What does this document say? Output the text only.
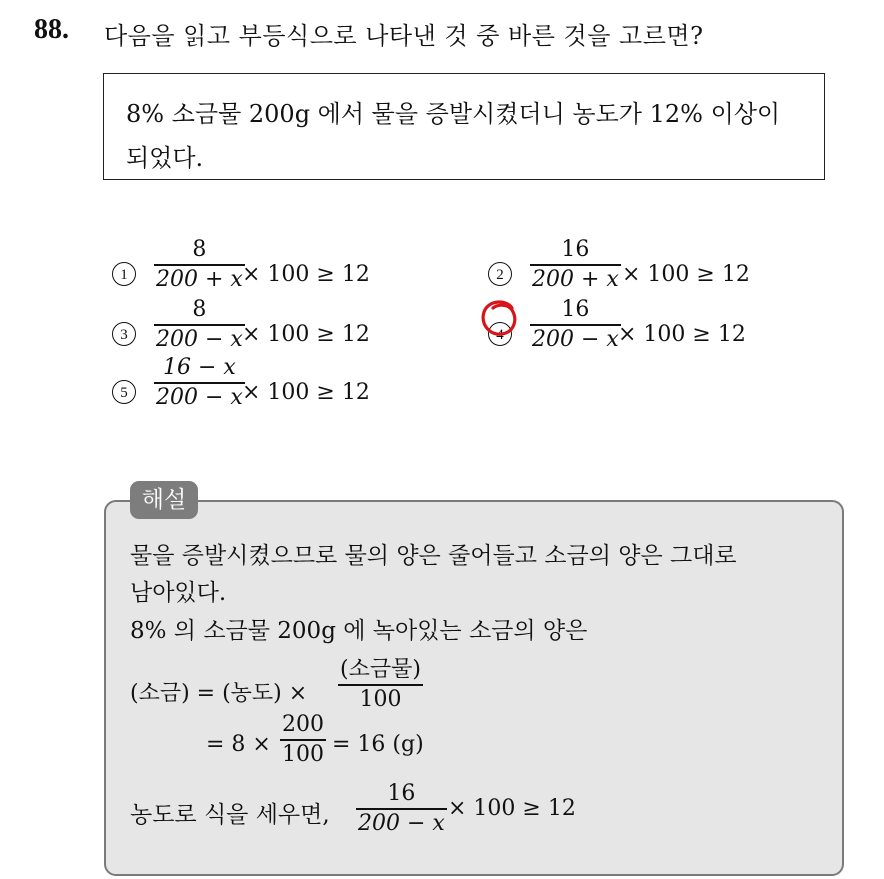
88. 다음을 읽고 부등식으로 나타낸 것 중 바른 것을 고르면?
8% 소금물 200g 에서 물을 증발시켰더니 농도가 12% 이상이
되었다.
1
8
200 + x × 100 ≥ 12	2
16
200 + x × 100 ≥ 12
3
8
200 − x × 100 ≥ 12	4
16
200 − x × 100 ≥ 12
5
16 − x
200 − x × 100 ≥ 12
해설
물을 증발시켰으므로 물의 양은 줄어들고 소금의 양은 그대로
남아있다.
8% 의 소금물 200g 에 녹아있는 소금의 양은
(소금) = (농도) ×
(소금물)
100
= 8 ×
200
100 = 16 (g)
농도로 식을 세우면,
16
200 − x
× 100 ≥ 12
